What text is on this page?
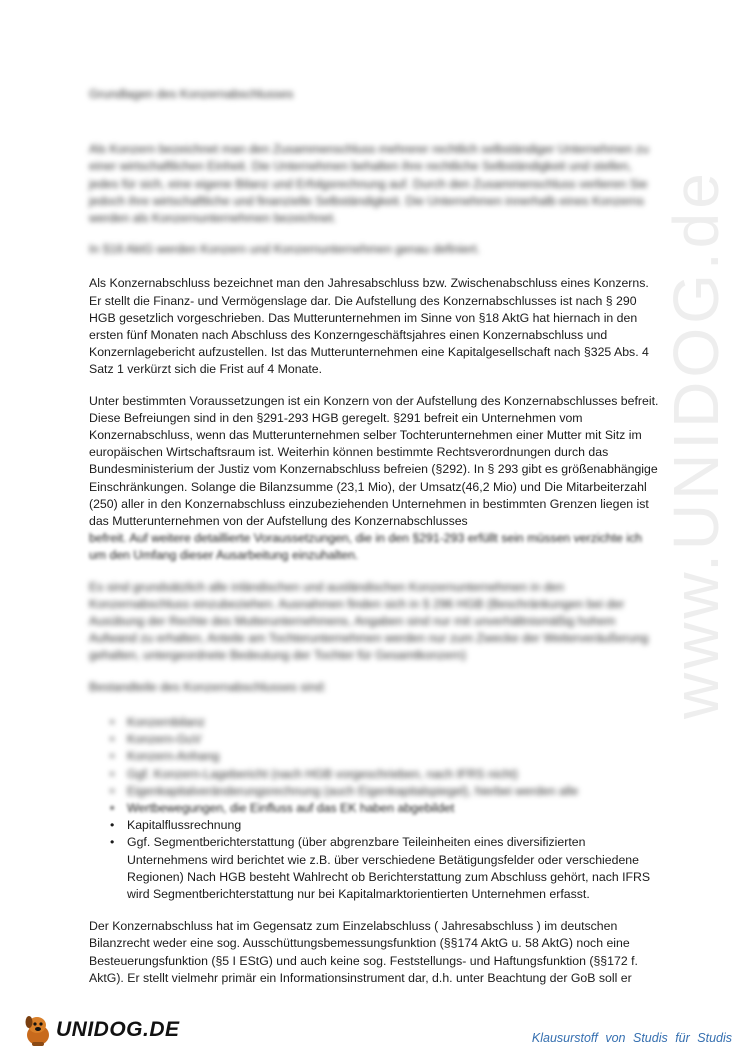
www.UNIDOG.de
Grundlagen des Konzernabschlusses
Als Konzern bezeichnet man den Zusammenschluss mehrerer rechtlich selbständiger Unternehmen zu einer wirtschaftlichen Einheit. Die Unternehmen behalten ihre rechtliche Selbständigkeit und stellen, jedes für sich, eine eigene Bilanz und Erfolgsrechnung auf. Durch den Zusammenschluss verlieren Sie jedoch ihre wirtschaftliche und finanzielle Selbständigkeit. Die Unternehmen innerhalb eines Konzerns werden als Konzernunternehmen bezeichnet.
In §18 AktG werden Konzern und Konzernunternehmen genau definiert.
Als Konzernabschluss bezeichnet man den Jahresabschluss bzw. Zwischenabschluss eines Konzerns. Er stellt die Finanz- und Vermögenslage dar. Die Aufstellung des Konzernabschlusses ist nach § 290 HGB gesetzlich vorgeschrieben. Das Mutterunternehmen im Sinne von §18 AktG hat hiernach in den ersten fünf Monaten nach Abschluss des Konzerngeschäftsjahres einen Konzernabschluss und Konzernlagebericht aufzustellen. Ist das Mutterunternehmen eine Kapitalgesellschaft nach §325 Abs. 4 Satz 1 verkürzt sich die Frist auf 4 Monate.
Unter bestimmten Voraussetzungen ist ein Konzern von der Aufstellung des Konzernabschlusses befreit. Diese Befreiungen sind in den §291-293 HGB geregelt. §291 befreit ein Unternehmen vom Konzernabschluss, wenn das Mutterunternehmen selber Tochterunternehmen einer Mutter mit Sitz im europäischen Wirtschaftsraum ist. Weiterhin können bestimmte Rechtsverordnungen durch das Bundesministerium der Justiz vom Konzernabschluss befreien (§292). In § 293 gibt es größenabhängige Einschränkungen. Solange die Bilanzsumme (23,1 Mio), der Umsatz(46,2 Mio) und Die Mitarbeiterzahl (250) aller in den Konzernabschluss einzubeziehenden Unternehmen in bestimmten Grenzen liegen ist das Mutterunternehmen von der Aufstellung des Konzernabschlusses
befreit. Auf weitere detaillierte Voraussetzungen, die in den §291-293 erfüllt sein müssen verzichte ich um den Umfang dieser Ausarbeitung einzuhalten.
Es sind grundsätzlich alle inländischen und ausländischen Konzernunternehmen in den Konzernabschluss einzubeziehen. Ausnahmen finden sich in § 296 HGB (Beschränkungen bei der Ausübung der Rechte des Mutterunternehmens, Angaben sind nur mit unverhältnismäßig hohem Aufwand zu erhalten, Anteile am Tochterunternehmen werden nur zum Zwecke der Weiterveräußerung gehalten, untergeordnete Bedeutung der Tochter für Gesamtkonzern)
Bestandteile des Konzernabschlusses sind:
• Konzernbilanz
• Konzern-GuV
• Konzern-Anhang
• Ggf. Konzern-Lagebericht (nach HGB vorgeschrieben, nach IFRS nicht)
• Eigenkapitalveränderungsrechnung (auch Eigenkapitalspiegel), hierbei werden alle
• Wertbewegungen, die Einfluss auf das EK haben abgebildet
• Kapitalflussrechnung
• Ggf. Segmentberichterstattung (über abgrenzbare Teileinheiten eines diversifizierten Unternehmens wird berichtet wie z.B. über verschiedene Betätigungsfelder oder verschiedene Regionen) Nach HGB besteht Wahlrecht ob Berichterstattung zum Abschluss gehört, nach IFRS wird Segmentberichterstattung nur bei Kapitalmarktorientierten Unternehmen erfasst.
Der Konzernabschluss hat im Gegensatz zum Einzelabschluss ( Jahresabschluss ) im deutschen Bilanzrecht weder eine sog. Ausschüttungsbemessungsfunktion (§§174 AktG u. 58 AktG) noch eine Besteuerungsfunktion (§5 I EStG) und auch keine sog. Feststellungs- und Haftungsfunktion (§§172 f. AktG). Er stellt vielmehr primär ein Informationsinstrument dar, d.h. unter Beachtung der GoB soll er
UNIDOG.DE	Klausurstoff von Studis für Studis
